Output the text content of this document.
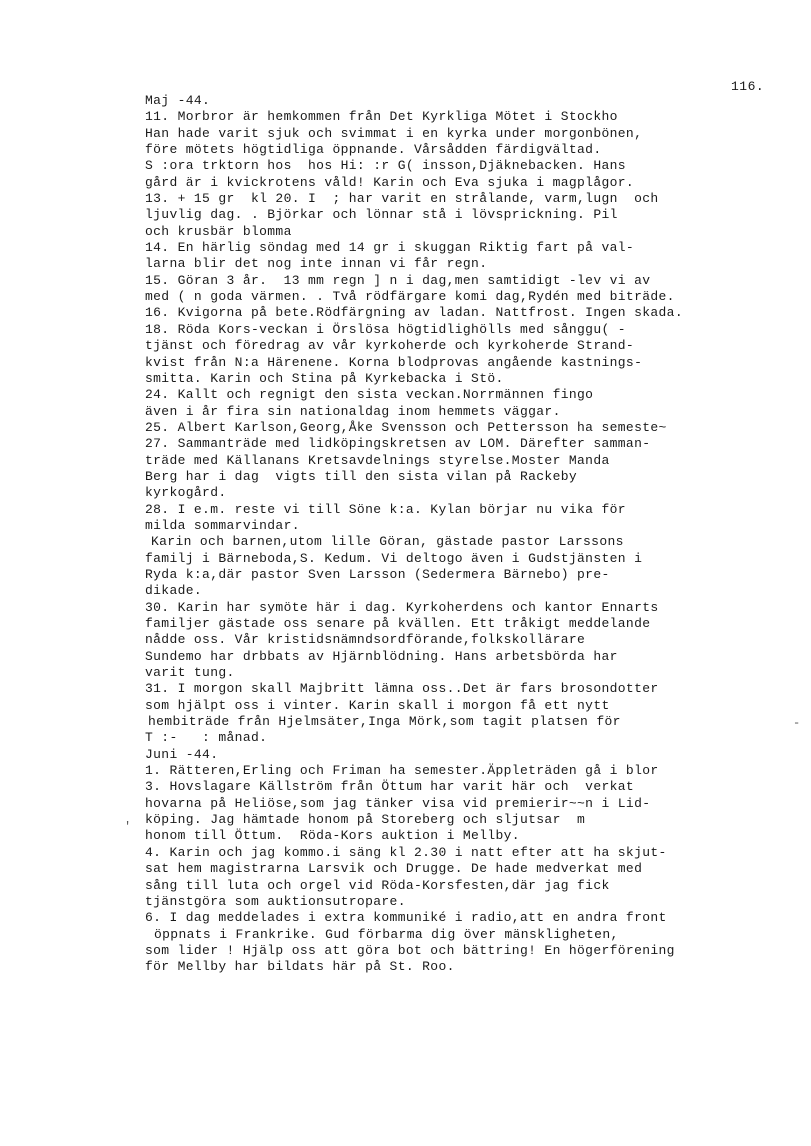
116.
Maj -44.
11. Morbror är hemkommen från Det Kyrkliga Mötet i Stockho
Han hade varit sjuk och svimmat i en kyrka under morgonbönen,
före mötets högtidliga öppnande. Vårsådden färdigvältad.
S :ora trktorn hos  hos Hi: :r G( insson,Djäknebacken. Hans
gård är i kvickrotens våld! Karin och Eva sjuka i magplågor.
13. + 15 gr  kl 20. I  ; har varit en strålande, varm,lugn  och
ljuvlig dag. . Björkar och lönnar stå i lövsprickning. Pil
och krusbär blomma
14. En härlig söndag med 14 gr i skuggan Riktig fart på val-
larna blir det nog inte innan vi får regn.
15. Göran 3 år.  13 mm regn ] n i dag,men samtidigt -lev vi av
med ( n goda värmen. . Två rödfärgare komi dag,Rydén med biträde.
16. Kvigorna på bete.Rödfärgning av ladan. Nattfrost. Ingen skada.
18. Röda Kors-veckan i Örslösa högtidlighölls med sånggu( -
tjänst och föredrag av vår kyrkoherde och kyrkoherde Strand-
kvist från N:a Härenene. Korna blodprovas angående kastnings-
smitta. Karin och Stina på Kyrkebacka i Stö.
24. Kallt och regnigt den sista veckan.Norrmännen fingo
även i år fira sin nationaldag inom hemmets väggar.
25. Albert Karlson,Georg,Åke Svensson och Pettersson ha semeste~
27. Sammanträde med lidköpingskretsen av LOM. Därefter samman-
träde med Källanans Kretsavdelnings styrelse.Moster Manda
Berg har i dag  vigts till den sista vilan på Rackeby
kyrkogård.
28. I e.m. reste vi till Söne k:a. Kylan börjar nu vika för
milda sommarvindar.
Karin och barnen,utom lille Göran, gästade pastor Larssons
familj i Bärneboda,S. Kedum. Vi deltogo även i Gudstjänsten i
Ryda k:a,där pastor Sven Larsson (Sedermera Bärnebo) pre-
dikade.
30. Karin har symöte här i dag. Kyrkoherdens och kantor Ennarts
familjer gästade oss senare på kvällen. Ett tråkigt meddelande
nådde oss. Vår kristidsnämndsordförande,folkskollärare
Sundemo har drbbats av Hjärnblödning. Hans arbetsbörda har
varit tung.
31. I morgon skall Majbritt lämna oss..Det är fars brosondotter
som hjälpt oss i vinter. Karin skall i morgon få ett nytt
hembiträde från Hjelmsäter,Inga Mörk,som tagit platsen för
T :-   : månad.
Juni -44.
1. Rätteren,Erling och Friman ha semester.Äppleträden gå i blor
3. Hovslagare Källström från Öttum har varit här och  verkat
hovarna på Heliöse,som jag tänker visa vid premierir~~n i Lid-
köping. Jag hämtade honom på Storeberg och sljutsar  m
honom till Öttum.  Röda-Kors auktion i Mellby.
4. Karin och jag kommo.i säng kl 2.30 i natt efter att ha skjut-
sat hem magistrarna Larsvik och Drugge. De hade medverkat med
sång till luta och orgel vid Röda-Korsfesten,där jag fick
tjänstgöra som auktionsutropare.
6. I dag meddelades i extra kommuniké i radio,att en andra front
öppnats i Frankrike. Gud förbarma dig över mänskligheten,
som lider ! Hjälp oss att göra bot och bättring! En högerförening
för Mellby har bildats här på St. Roo.
-
'
